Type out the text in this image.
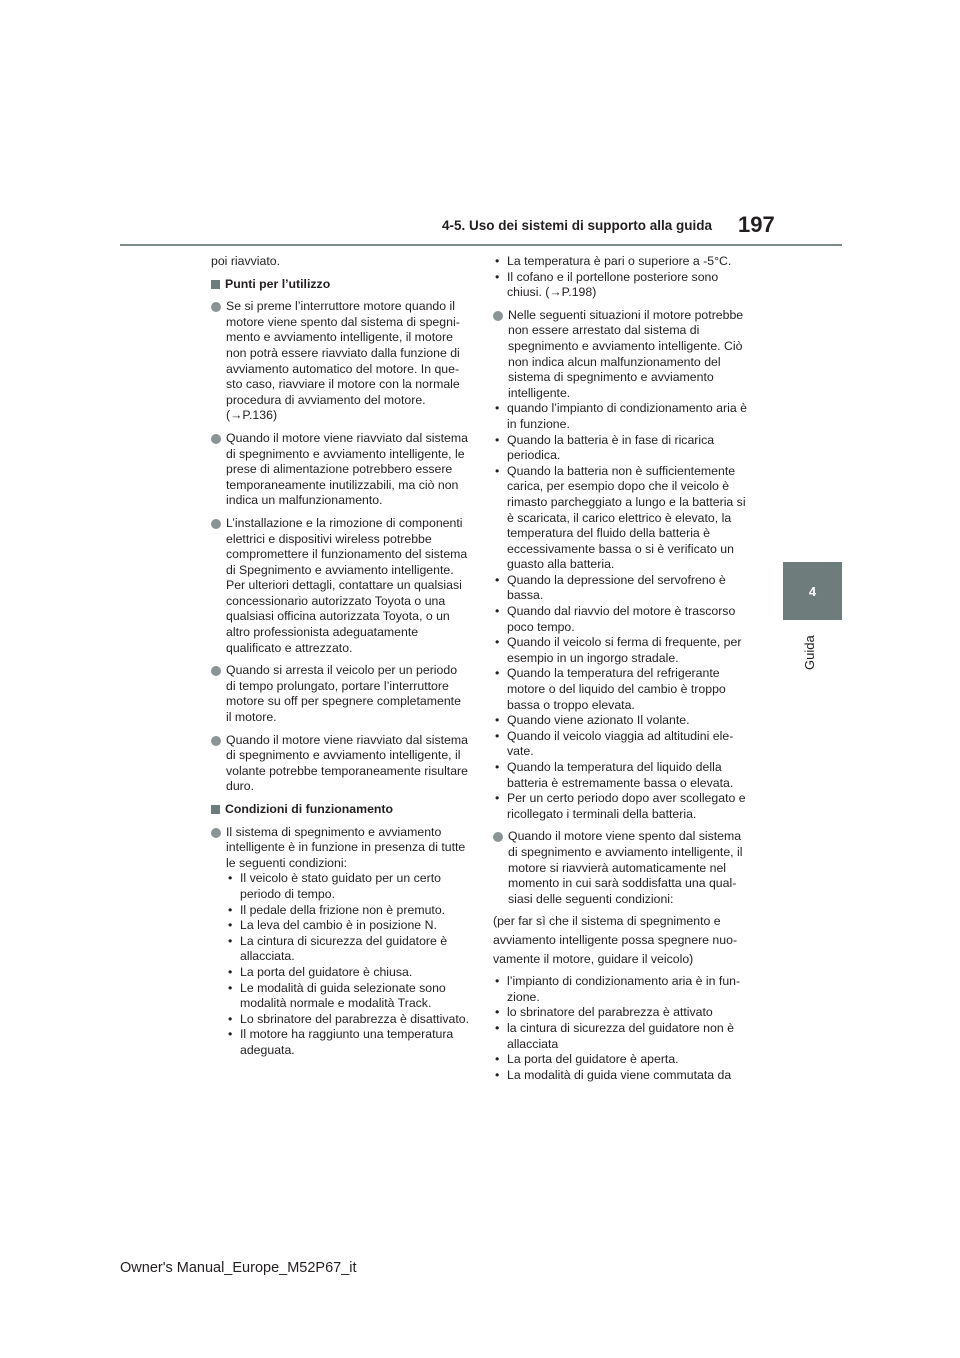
4-5. Uso dei sistemi di supporto alla guida 197
4
Guida

poi riavviato.

Punti per l’utilizzo
Se si preme l’interruttore motore quando il motore viene spento dal sistema di spegnimento e avviamento intelligente, il motore non potrà essere riavviato dalla funzione di avviamento automatico del motore. In questo caso, riavviare il motore con la normale procedura di avviamento del motore. (→P.136)
Quando il motore viene riavviato dal sistema di spegnimento e avviamento intelligente, le prese di alimentazione potrebbero essere temporaneamente inutilizzabili, ma ciò non indica un malfunzionamento.
L’installazione e la rimozione di componenti elettrici e dispositivi wireless potrebbe compromettere il funzionamento del sistema di Spegnimento e avviamento intelligente. Per ulteriori dettagli, contattare un qualsiasi concessionario autorizzato Toyota o una qualsiasi officina autorizzata Toyota, o un altro professionista adeguatamente qualificato e attrezzato.
Quando si arresta il veicolo per un periodo di tempo prolungato, portare l’interruttore motore su off per spegnere completamente il motore.
Quando il motore viene riavviato dal sistema di spegnimento e avviamento intelligente, il volante potrebbe temporaneamente risultare duro.
Condizioni di funzionamento
Il sistema di spegnimento e avviamento intelligente è in funzione in presenza di tutte le seguenti condizioni:
• Il veicolo è stato guidato per un certo periodo di tempo.
• Il pedale della frizione non è premuto.
• La leva del cambio è in posizione N.
• La cintura di sicurezza del guidatore è allacciata.
• La porta del guidatore è chiusa.
• Le modalità di guida selezionate sono modalità normale e modalità Track.
• Lo sbrinatore del parabrezza è disattivato.
• Il motore ha raggiunto una temperatura adeguata.
• La temperatura è pari o superiore a -5°C.
• Il cofano e il portellone posteriore sono chiusi. (→P.198)
Nelle seguenti situazioni il motore potrebbe non essere arrestato dal sistema di spegnimento e avviamento intelligente. Ciò non indica alcun malfunzionamento del sistema di spegnimento e avviamento intelligente.
• quando l’impianto di condizionamento aria è in funzione.
• Quando la batteria è in fase di ricarica periodica.
• Quando la batteria non è sufficientemente carica, per esempio dopo che il veicolo è rimasto parcheggiato a lungo e la batteria si è scaricata, il carico elettrico è elevato, la temperatura del fluido della batteria è eccessivamente bassa o si è verificato un guasto alla batteria.
• Quando la depressione del servofreno è bassa.
• Quando dal riavvio del motore è trascorso poco tempo.
• Quando il veicolo si ferma di frequente, per esempio in un ingorgo stradale.
• Quando la temperatura del refrigerante motore o del liquido del cambio è troppo bassa o troppo elevata.
• Quando viene azionato Il volante.
• Quando il veicolo viaggia ad altitudini elevate.
• Quando la temperatura del liquido della batteria è estremamente bassa o elevata.
• Per un certo periodo dopo aver scollegato e ricollegato i terminali della batteria.
Quando il motore viene spento dal sistema di spegnimento e avviamento intelligente, il motore si riavvierà automaticamente nel momento in cui sarà soddisfatta una qualsiasi delle seguenti condizioni:

(per far sì che il sistema di spegnimento e

avviamento intelligente possa spegnere nuo-

vamente il motore, guidare il veicolo)

• l’impianto di condizionamento aria è in funzione.
• lo sbrinatore del parabrezza è attivato
• la cintura di sicurezza del guidatore non è allacciata
• La porta del guidatore è aperta.
• La modalità di guida viene commutata da
Owner's Manual_Europe_M52P67_it
